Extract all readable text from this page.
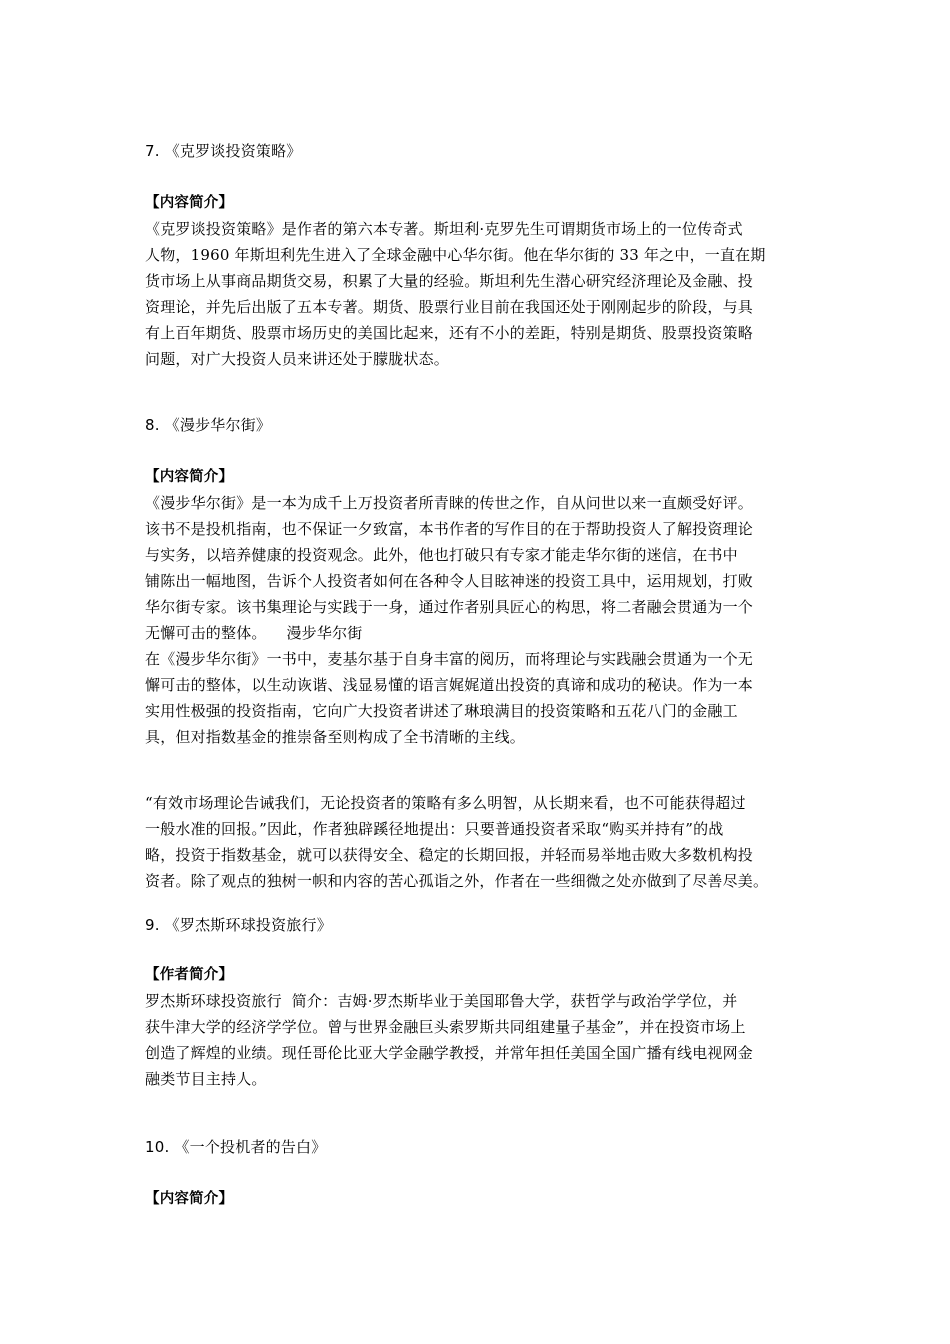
7. 《克罗谈投资策略》
【内容简介】
《克罗谈投资策略》是作者的第六本专著。斯坦利·克罗先生可谓期货市场上的一位传奇式
人物，1960 年斯坦利先生进入了全球金融中心华尔街。他在华尔街的 33 年之中，一直在期
货市场上从事商品期货交易，积累了大量的经验。斯坦利先生潜心研究经济理论及金融、投
资理论，并先后出版了五本专著。期货、股票行业目前在我国还处于刚刚起步的阶段，与具
有上百年期货、股票市场历史的美国比起来，还有不小的差距，特别是期货、股票投资策略
问题，对广大投资人员来讲还处于朦胧状态。
8. 《漫步华尔街》
【内容简介】
《漫步华尔街》是一本为成千上万投资者所青睐的传世之作，自从问世以来一直颇受好评。
该书不是投机指南，也不保证一夕致富，本书作者的写作目的在于帮助投资人了解投资理论
与实务，以培养健康的投资观念。此外，他也打破只有专家才能走华尔街的迷信，在书中
铺陈出一幅地图，告诉个人投资者如何在各种令人目眩神迷的投资工具中，运用规划，打败
华尔街专家。该书集理论与实践于一身，通过作者别具匠心的构思，将二者融会贯通为一个
无懈可击的整体。    漫步华尔街
在《漫步华尔街》一书中，麦基尔基于自身丰富的阅历，而将理论与实践融会贯通为一个无
懈可击的整体，以生动诙谐、浅显易懂的语言娓娓道出投资的真谛和成功的秘诀。作为一本
实用性极强的投资指南，它向广大投资者讲述了琳琅满目的投资策略和五花八门的金融工
具，但对指数基金的推崇备至则构成了全书清晰的主线。
“有效市场理论告诫我们，无论投资者的策略有多么明智，从长期来看，也不可能获得超过
一般水准的回报。”因此，作者独辟蹊径地提出：只要普通投资者采取“购买并持有”的战
略，投资于指数基金，就可以获得安全、稳定的长期回报，并轻而易举地击败大多数机构投
资者。除了观点的独树一帜和内容的苦心孤诣之外，作者在一些细微之处亦做到了尽善尽美。
9. 《罗杰斯环球投资旅行》
【作者简介】
罗杰斯环球投资旅行  简介：吉姆·罗杰斯毕业于美国耶鲁大学，获哲学与政治学学位，并
获牛津大学的经济学学位。曾与世界金融巨头索罗斯共同组建量子基金”，并在投资市场上
创造了辉煌的业绩。现任哥伦比亚大学金融学教授，并常年担任美国全国广播有线电视网金
融类节目主持人。
10. 《一个投机者的告白》
【内容简介】
